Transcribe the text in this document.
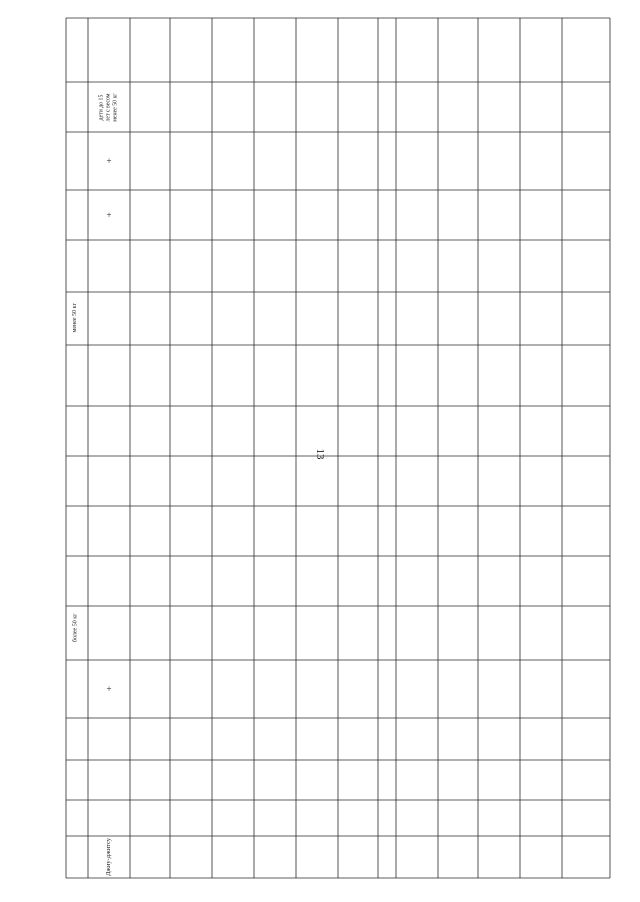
13
более 50 кг
менее 50 кг
Джиу-джитсу
+
+
+
дети до 15
лет с весом
менее 50 кг
